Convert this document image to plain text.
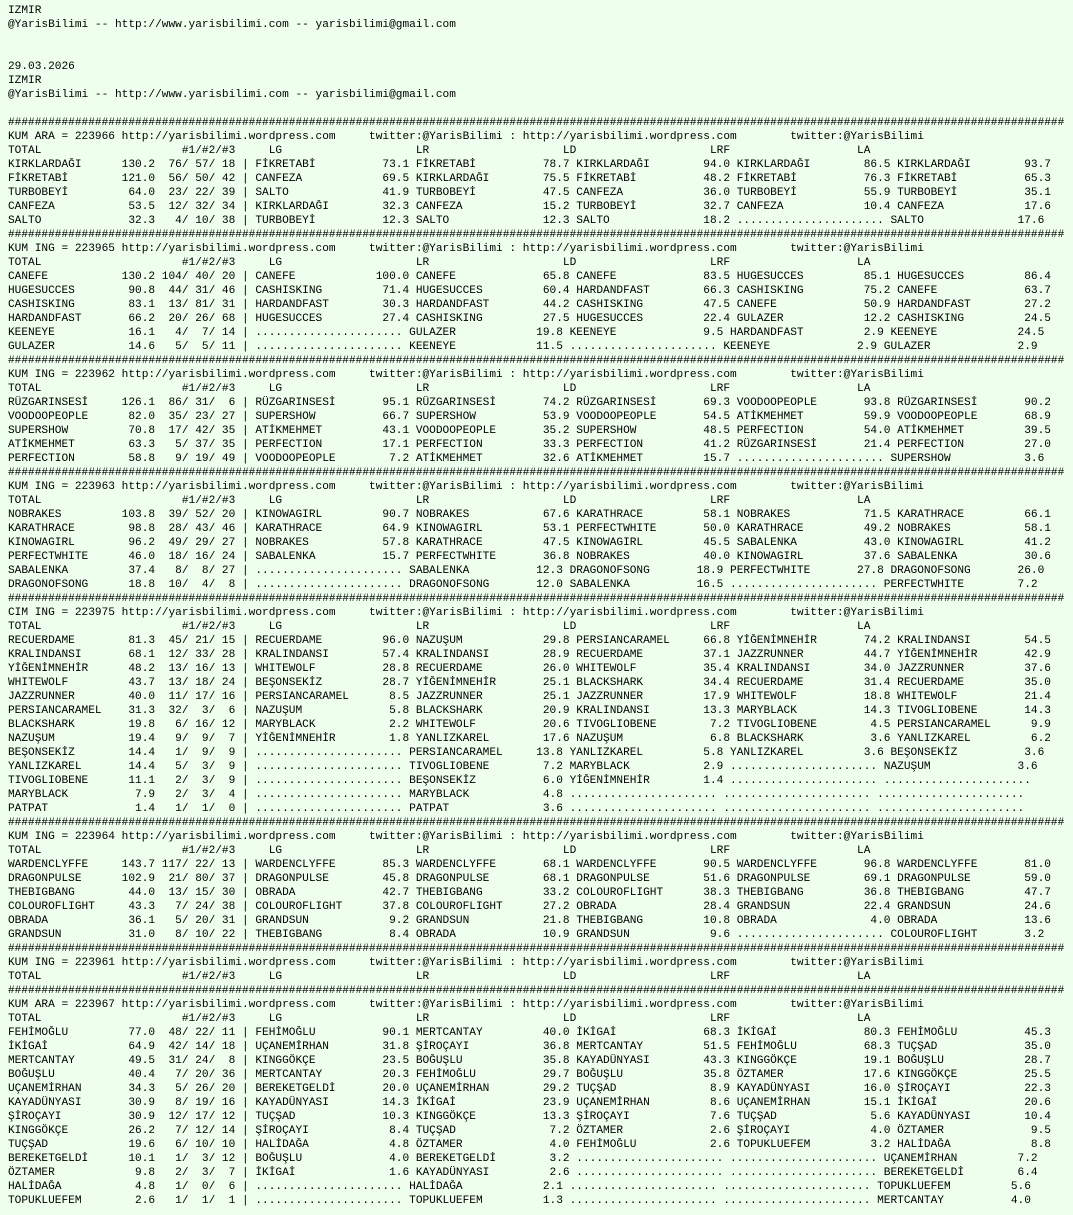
IZMIR
@YarisBilimi -- http://www.yarisbilimi.com -- yarisbilimi@gmail.com
29.03.2026
IZMIR
@YarisBilimi -- http://www.yarisbilimi.com -- yarisbilimi@gmail.com
##############################################################################################################################################################
KUM ARA = 223966 http://yarisbilimi.wordpress.com     twitter:@YarisBilimi : http://yarisbilimi.wordpress.com        twitter:@YarisBilimi
TOTAL                     #1/#2/#3     LG                    LR                    LD                    LRF                   LA
KIRKLARDAĞI      130.2  76/ 57/ 18 | FİKRETABİ          73.1 FİKRETABİ          78.7 KIRKLARDAĞI        94.0 KIRKLARDAĞI        86.5 KIRKLARDAĞI        93.7
FİKRETABİ        121.0  56/ 50/ 42 | CANFEZA            69.5 KIRKLARDAĞI        75.5 FİKRETABİ          48.2 FİKRETABİ          76.3 FİKRETABİ          65.3
TURBOBEYİ         64.0  23/ 22/ 39 | SALTO              41.9 TURBOBEYİ          47.5 CANFEZA            36.0 TURBOBEYİ          55.9 TURBOBEYİ          35.1
CANFEZA           53.5  12/ 32/ 34 | KIRKLARDAĞI        32.3 CANFEZA            15.2 TURBOBEYİ          32.7 CANFEZA            10.4 CANFEZA            17.6
SALTO             32.3   4/ 10/ 38 | TURBOBEYİ          12.3 SALTO              12.3 SALTO              18.2 ...................... SALTO              17.6
##############################################################################################################################################################
KUM ING = 223965 http://yarisbilimi.wordpress.com     twitter:@YarisBilimi : http://yarisbilimi.wordpress.com        twitter:@YarisBilimi
TOTAL                     #1/#2/#3     LG                    LR                    LD                    LRF                   LA
CANEFE           130.2 104/ 40/ 20 | CANEFE            100.0 CANEFE             65.8 CANEFE             83.5 HUGESUCCES         85.1 HUGESUCCES         86.4
HUGESUCCES        90.8  44/ 31/ 46 | CASHISKING         71.4 HUGESUCCES         60.4 HARDANDFAST        66.3 CASHISKING         75.2 CANEFE             63.7
CASHISKING        83.1  13/ 81/ 31 | HARDANDFAST        30.3 HARDANDFAST        44.2 CASHISKING         47.5 CANEFE             50.9 HARDANDFAST        27.2
HARDANDFAST       66.2  20/ 26/ 68 | HUGESUCCES         27.4 CASHISKING         27.5 HUGESUCCES         22.4 GULAZER            12.2 CASHISKING         24.5
KEENEYE           16.1   4/  7/ 14 | ...................... GULAZER            19.8 KEENEYE             9.5 HARDANDFAST         2.9 KEENEYE            24.5
GULAZER           14.6   5/  5/ 11 | ...................... KEENEYE            11.5 ...................... KEENEYE             2.9 GULAZER             2.9
##############################################################################################################################################################
KUM ING = 223962 http://yarisbilimi.wordpress.com     twitter:@YarisBilimi : http://yarisbilimi.wordpress.com        twitter:@YarisBilimi
TOTAL                     #1/#2/#3     LG                    LR                    LD                    LRF                   LA
RÜZGARINSESİ     126.1  86/ 31/  6 | RÜZGARINSESİ       95.1 RÜZGARINSESİ       74.2 RÜZGARINSESİ       69.3 VOODOOPEOPLE       93.8 RÜZGARINSESİ       90.2
VOODOOPEOPLE      82.0  35/ 23/ 27 | SUPERSHOW          66.7 SUPERSHOW          53.9 VOODOOPEOPLE       54.5 ATİKMEHMET         59.9 VOODOOPEOPLE       68.9
SUPERSHOW         70.8  17/ 42/ 35 | ATİKMEHMET         43.1 VOODOOPEOPLE       35.2 SUPERSHOW          48.5 PERFECTION         54.0 ATİKMEHMET         39.5
ATİKMEHMET        63.3   5/ 37/ 35 | PERFECTION         17.1 PERFECTION         33.3 PERFECTION         41.2 RÜZGARINSESİ       21.4 PERFECTION         27.0
PERFECTION        58.8   9/ 19/ 49 | VOODOOPEOPLE        7.2 ATİKMEHMET         32.6 ATİKMEHMET         15.7 ...................... SUPERSHOW           3.6
##############################################################################################################################################################
KUM ING = 223963 http://yarisbilimi.wordpress.com     twitter:@YarisBilimi : http://yarisbilimi.wordpress.com        twitter:@YarisBilimi
TOTAL                     #1/#2/#3     LG                    LR                    LD                    LRF                   LA
NOBRAKES         103.8  39/ 52/ 20 | KINOWAGIRL         90.7 NOBRAKES           67.6 KARATHRACE         58.1 NOBRAKES           71.5 KARATHRACE         66.1
KARATHRACE        98.8  28/ 43/ 46 | KARATHRACE         64.9 KINOWAGIRL         53.1 PERFECTWHITE       50.0 KARATHRACE         49.2 NOBRAKES           58.1
KINOWAGIRL        96.2  49/ 29/ 27 | NOBRAKES           57.8 KARATHRACE         47.5 KINOWAGIRL         45.5 SABALENKA          43.0 KINOWAGIRL         41.2
PERFECTWHITE      46.0  18/ 16/ 24 | SABALENKA          15.7 PERFECTWHITE       36.8 NOBRAKES           40.0 KINOWAGIRL         37.6 SABALENKA          30.6
SABALENKA         37.4   8/  8/ 27 | ...................... SABALENKA          12.3 DRAGONOFSONG       18.9 PERFECTWHITE       27.8 DRAGONOFSONG       26.0
DRAGONOFSONG      18.8  10/  4/  8 | ...................... DRAGONOFSONG       12.0 SABALENKA          16.5 ...................... PERFECTWHITE        7.2
##############################################################################################################################################################
CIM ING = 223975 http://yarisbilimi.wordpress.com     twitter:@YarisBilimi : http://yarisbilimi.wordpress.com        twitter:@YarisBilimi
TOTAL                     #1/#2/#3     LG                    LR                    LD                    LRF                   LA
RECUERDAME        81.3  45/ 21/ 15 | RECUERDAME         96.0 NAZUŞUM            29.8 PERSIANCARAMEL     66.8 YİĞENİMNEHİR       74.2 KRALINDANSI        54.5
KRALINDANSI       68.1  12/ 33/ 28 | KRALINDANSI        57.4 KRALINDANSI        28.9 RECUERDAME         37.1 JAZZRUNNER         44.7 YİĞENİMNEHİR       42.9
YİĞENİMNEHİR      48.2  13/ 16/ 13 | WHITEWOLF          28.8 RECUERDAME         26.0 WHITEWOLF          35.4 KRALINDANSI        34.0 JAZZRUNNER         37.6
WHITEWOLF         43.7  13/ 18/ 24 | BEŞONSEKİZ         28.7 YİĞENİMNEHİR       25.1 BLACKSHARK         34.4 RECUERDAME         31.4 RECUERDAME         35.0
JAZZRUNNER        40.0  11/ 17/ 16 | PERSIANCARAMEL      8.5 JAZZRUNNER         25.1 JAZZRUNNER         17.9 WHITEWOLF          18.8 WHITEWOLF          21.4
PERSIANCARAMEL    31.3  32/  3/  6 | NAZUŞUM             5.8 BLACKSHARK         20.9 KRALINDANSI        13.3 MARYBLACK          14.3 TIVOGLIOBENE       14.3
BLACKSHARK        19.8   6/ 16/ 12 | MARYBLACK           2.2 WHITEWOLF          20.6 TIVOGLIOBENE        7.2 TIVOGLIOBENE        4.5 PERSIANCARAMEL      9.9
NAZUŞUM           19.4   9/  9/  7 | YİĞENİMNEHİR        1.8 YANLIZKAREL        17.6 NAZUŞUM             6.8 BLACKSHARK          3.6 YANLIZKAREL         6.2
BEŞONSEKİZ        14.4   1/  9/  9 | ...................... PERSIANCARAMEL     13.8 YANLIZKAREL         5.8 YANLIZKAREL         3.6 BEŞONSEKİZ          3.6
YANLIZKAREL       14.4   5/  3/  9 | ...................... TIVOGLIOBENE        7.2 MARYBLACK           2.9 ...................... NAZUŞUM             3.6
TIVOGLIOBENE      11.1   2/  3/  9 | ...................... BEŞONSEKİZ          6.0 YİĞENİMNEHİR        1.4 ...................... ......................
MARYBLACK          7.9   2/  3/  4 | ...................... MARYBLACK           4.8 ...................... ...................... ......................
PATPAT             1.4   1/  1/  0 | ...................... PATPAT              3.6 ...................... ...................... ......................
##############################################################################################################################################################
KUM ING = 223964 http://yarisbilimi.wordpress.com     twitter:@YarisBilimi : http://yarisbilimi.wordpress.com        twitter:@YarisBilimi
TOTAL                     #1/#2/#3     LG                    LR                    LD                    LRF                   LA
WARDENCLYFFE     143.7 117/ 22/ 13 | WARDENCLYFFE       85.3 WARDENCLYFFE       68.1 WARDENCLYFFE       90.5 WARDENCLYFFE       96.8 WARDENCLYFFE       81.0
DRAGONPULSE      102.9  21/ 80/ 37 | DRAGONPULSE        45.8 DRAGONPULSE        68.1 DRAGONPULSE        51.6 DRAGONPULSE        69.1 DRAGONPULSE        59.0
THEBIGBANG        44.0  13/ 15/ 30 | OBRADA             42.7 THEBIGBANG         33.2 COLOUROFLIGHT      38.3 THEBIGBANG         36.8 THEBIGBANG         47.7
COLOUROFLIGHT     43.3   7/ 24/ 38 | COLOUROFLIGHT      37.8 COLOUROFLIGHT      27.2 OBRADA             28.4 GRANDSUN           22.4 GRANDSUN           24.6
OBRADA            36.1   5/ 20/ 31 | GRANDSUN            9.2 GRANDSUN           21.8 THEBIGBANG         10.8 OBRADA              4.0 OBRADA             13.6
GRANDSUN          31.0   8/ 10/ 22 | THEBIGBANG          8.4 OBRADA             10.9 GRANDSUN            9.6 ...................... COLOUROFLIGHT       3.2
##############################################################################################################################################################
KUM ING = 223961 http://yarisbilimi.wordpress.com     twitter:@YarisBilimi : http://yarisbilimi.wordpress.com        twitter:@YarisBilimi
TOTAL                     #1/#2/#3     LG                    LR                    LD                    LRF                   LA
##############################################################################################################################################################
KUM ARA = 223967 http://yarisbilimi.wordpress.com     twitter:@YarisBilimi : http://yarisbilimi.wordpress.com        twitter:@YarisBilimi
TOTAL                     #1/#2/#3     LG                    LR                    LD                    LRF                   LA
FEHİMOĞLU         77.0  48/ 22/ 11 | FEHİMOĞLU          90.1 MERTCANTAY         40.0 İKİGAİ             68.3 İKİGAİ             80.3 FEHİMOĞLU          45.3
İKİGAİ            64.9  42/ 14/ 18 | UÇANEMİRHAN        31.8 ŞİROÇAYI           36.8 MERTCANTAY         51.5 FEHİMOĞLU          68.3 TUÇŞAD             35.0
MERTCANTAY        49.5  31/ 24/  8 | KINGGÖKÇE          23.5 BOĞUŞLU            35.8 KAYADÜNYASI        43.3 KINGGÖKÇE          19.1 BOĞUŞLU            28.7
BOĞUŞLU           40.4   7/ 20/ 36 | MERTCANTAY         20.3 FEHİMOĞLU          29.7 BOĞUŞLU            35.8 ÖZTAMER            17.6 KINGGÖKÇE          25.5
UÇANEMİRHAN       34.3   5/ 26/ 20 | BEREKETGELDİ       20.0 UÇANEMİRHAN        29.2 TUÇŞAD              8.9 KAYADÜNYASI        16.0 ŞİROÇAYI           22.3
KAYADÜNYASI       30.9   8/ 19/ 16 | KAYADÜNYASI        14.3 İKİGAİ             23.9 UÇANEMİRHAN         8.6 UÇANEMİRHAN        15.1 İKİGAİ             20.6
ŞİROÇAYI          30.9  12/ 17/ 12 | TUÇŞAD             10.3 KINGGÖKÇE          13.3 ŞİROÇAYI            7.6 TUÇŞAD              5.6 KAYADÜNYASI        10.4
KINGGÖKÇE         26.2   7/ 12/ 14 | ŞİROÇAYI            8.4 TUÇŞAD              7.2 ÖZTAMER             2.6 ŞİROÇAYI            4.0 ÖZTAMER             9.5
TUÇŞAD            19.6   6/ 10/ 10 | HALİDAĞA            4.8 ÖZTAMER             4.0 FEHİMOĞLU           2.6 TOPUKLUEFEM         3.2 HALİDAĞA            8.8
BEREKETGELDİ      10.1   1/  3/ 12 | BOĞUŞLU             4.0 BEREKETGELDİ        3.2 ...................... ...................... UÇANEMİRHAN         7.2
ÖZTAMER            9.8   2/  3/  7 | İKİGAİ              1.6 KAYADÜNYASI         2.6 ...................... ...................... BEREKETGELDİ        6.4
HALİDAĞA           4.8   1/  0/  6 | ...................... HALİDAĞA            2.1 ...................... ...................... TOPUKLUEFEM         5.6
TOPUKLUEFEM        2.6   1/  1/  1 | ...................... TOPUKLUEFEM         1.3 ...................... ...................... MERTCANTAY          4.0
